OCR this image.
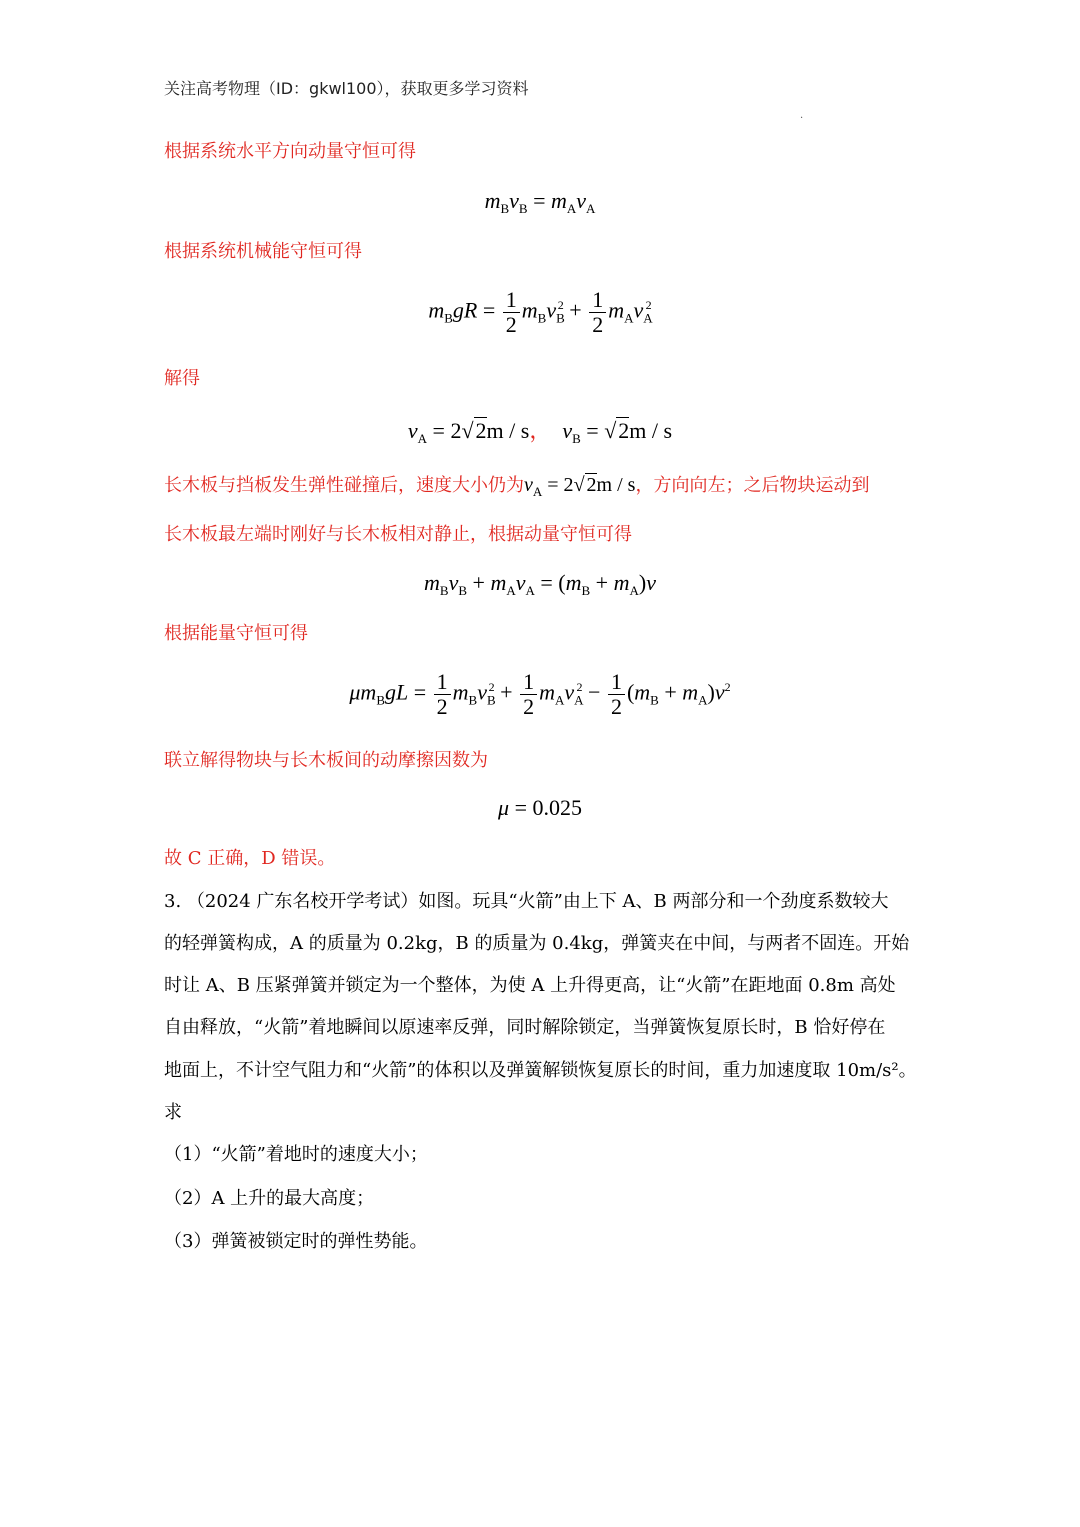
关注高考物理（ID：gkwl100），获取更多学习资料
.
根据系统水平方向动量守恒可得
$m_Bv_B = m_Av_A$
根据系统机械能守恒可得
$m_BgR = \frac{1}{2} m_Bv_B^2 + \frac{1}{2} m_Av_A^2$
解得
$v_A = 2√2m / s$， $v_B = √2m / s$
长木板与挡板发生弹性碰撞后，速度大小仍为$v_A = 2√$ 2m / s，方向向左；之后物块运动到
长木板最左端时刚好与长木板相对静止，根据动量守恒可得
$m_Bv_B + m_Av_A = (m_B + m_A)v$
根据能量守恒可得
$\mu m_BgL = \frac{1}{2} m_Bv_B^2 + \frac{1}{2} m_Av_A^2 - \frac{1}{2} (m_B + m_A)v^2$
联立解得物块与长木板间的动摩擦因数为
μ = 0.025
故 C 正确，D 错误。
3. （2024 广东名校开学考试）如图。玩具“火箭”由上下 A、B 两部分和一个劲度系数较大
的轻弹簧构成，A 的质量为 0.2kg，B 的质量为 0.4kg，弹簧夹在中间，与两者不固连。开始
时让 A、B 压紧弹簧并锁定为一个整体，为使 A 上升得更高，让“火箭”在距地面 0.8m 高处
自由释放，“火箭”着地瞬间以原速率反弹，同时解除锁定，当弹簧恢复原长时，B 恰好停在
地面上，不计空气阻力和“火箭”的体积以及弹簧解锁恢复原长的时间，重力加速度取 10m/s²。
求
（1）“火箭”着地时的速度大小；
（2）A 上升的最大高度；
（3）弹簧被锁定时的弹性势能。
